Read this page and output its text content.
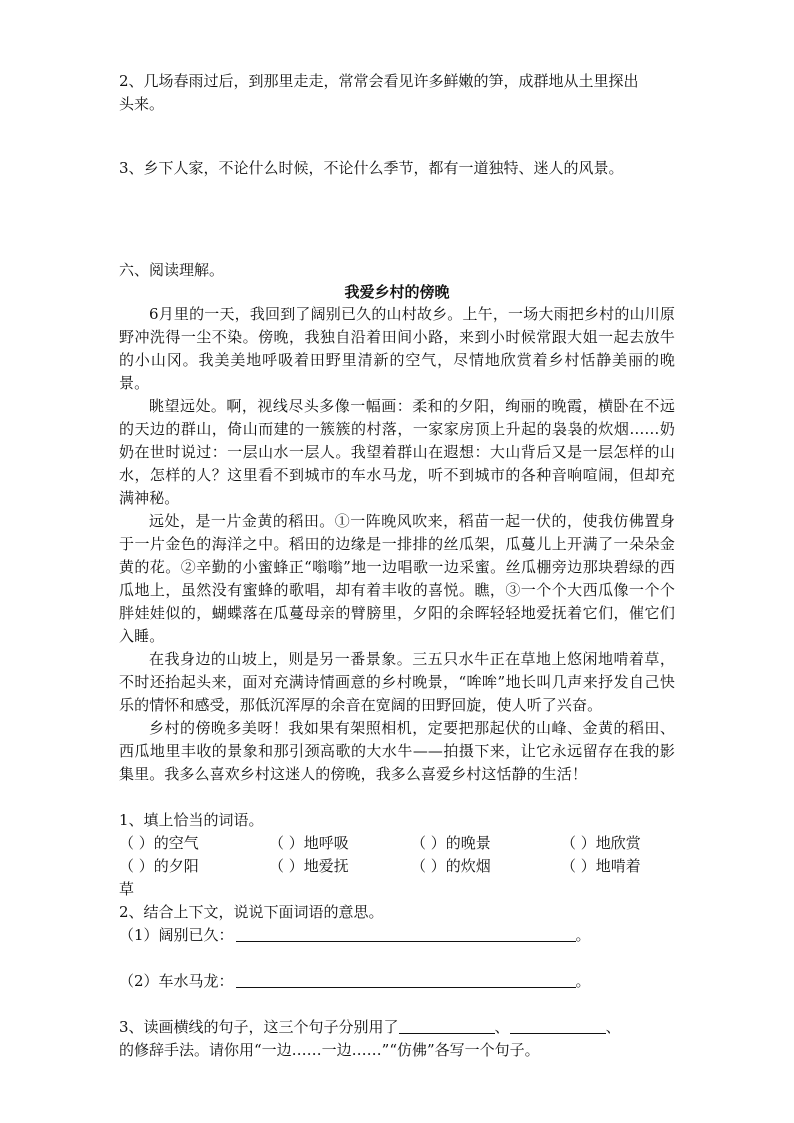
2、几场春雨过后，到那里走走，常常会看见许多鲜嫩的笋，成群地从土里探出
头来。
3、乡下人家，不论什么时候，不论什么季节，都有一道独特、迷人的风景。
六、阅读理解。
我爱乡村的傍晚
6月里的一天，我回到了阔别已久的山村故乡。上午，一场大雨把乡村的山川原野冲洗得一尘不染。傍晚，我独自沿着田间小路，来到小时候常跟大姐一起去放牛的小山冈。我美美地呼吸着田野里清新的空气，尽情地欣赏着乡村恬静美丽的晚景。
眺望远处。啊，视线尽头多像一幅画：柔和的夕阳，绚丽的晚霞，横卧在不远的天边的群山，倚山而建的一簇簇的村落，一家家房顶上升起的袅袅的炊烟……奶奶在世时说过：一层山水一层人。我望着群山在遐想：大山背后又是一层怎样的山水，怎样的人？这里看不到城市的车水马龙，听不到城市的各种音响喧闹，但却充满神秘。
远处，是一片金黄的稻田。①一阵晚风吹来，稻苗一起一伏的，使我仿佛置身于一片金色的海洋之中。稻田的边缘是一排排的丝瓜架，瓜蔓儿上开满了一朵朵金黄的花。②辛勤的小蜜蜂正“嗡嗡”地一边唱歌一边采蜜。丝瓜棚旁边那块碧绿的西瓜地上，虽然没有蜜蜂的歌唱，却有着丰收的喜悦。瞧，③一个个大西瓜像一个个胖娃娃似的，蝴蝶落在瓜蔓母亲的臂膀里，夕阳的余晖轻轻地爱抚着它们，催它们入睡。
在我身边的山坡上，则是另一番景象。三五只水牛正在草地上悠闲地啃着草，不时还抬起头来，面对充满诗情画意的乡村晚景，“哞哞”地长叫几声来抒发自己快乐的情怀和感受，那低沉浑厚的余音在宽阔的田野回旋，使人听了兴奋。
乡村的傍晚多美呀！我如果有架照相机，定要把那起伏的山峰、金黄的稻田、西瓜地里丰收的景象和那引颈高歌的大水牛——拍摄下来，让它永远留存在我的影集里。我多么喜欢乡村这迷人的傍晚，我多么喜爱乡村这恬静的生活！
1、填上恰当的词语。
（ ）的空气	（ ）地呼吸	（ ）的晚景	（ ）地欣赏
（ ）的夕阳	（ ）地爱抚	（ ）的炊烟	（ ）地啃着
草
2、结合上下文，说说下面词语的意思。
（1）阔别已久：	。
（2）车水马龙：	。
3、读画横线的句子，这三个句子分别用了	、	、
的修辞手法。请你用“一边……一边……”“仿佛”各写一个句子。
